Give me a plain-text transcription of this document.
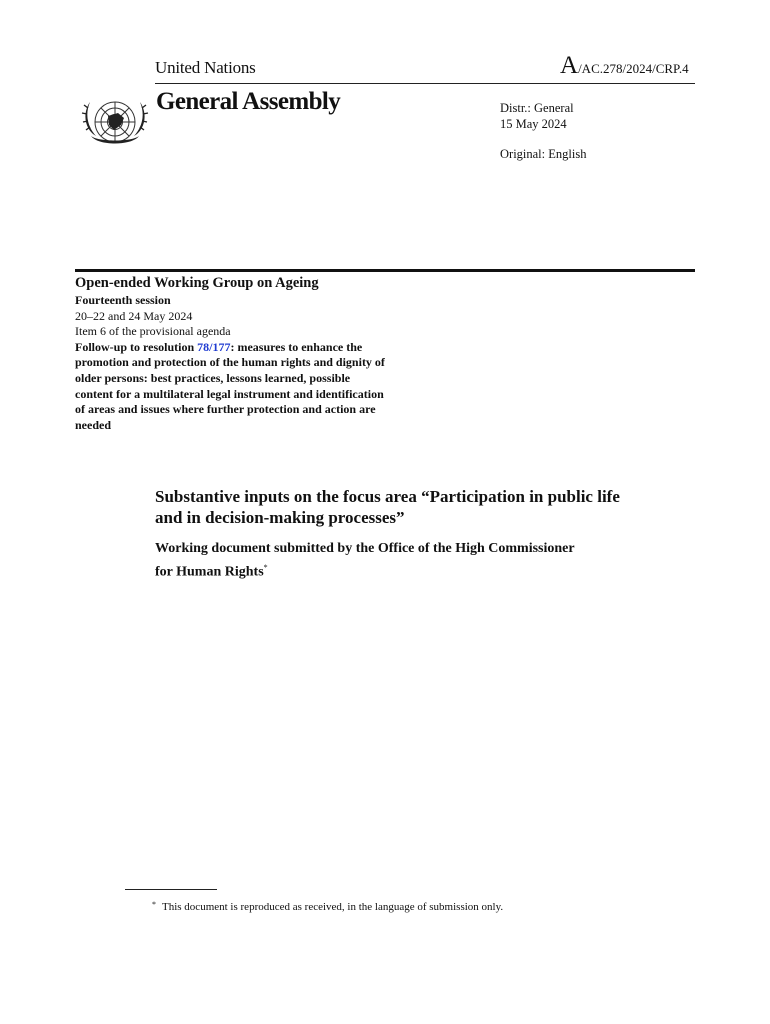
United Nations	A/AC.278/2024/CRP.4
General Assembly	Distr.: General
15 May 2024
Original: English
Open-ended Working Group on Ageing
Fourteenth session
20–22 and 24 May 2024
Item 6 of the provisional agenda
Follow-up to resolution 78/177: measures to enhance the promotion and protection of the human rights and dignity of older persons: best practices, lessons learned, possible content for a multilateral legal instrument and identification of areas and issues where further protection and action are needed
Substantive inputs on the focus area “Participation in public life and in decision-making processes”
Working document submitted by the Office of the High Commissioner for Human Rights*
* This document is reproduced as received, in the language of submission only.
